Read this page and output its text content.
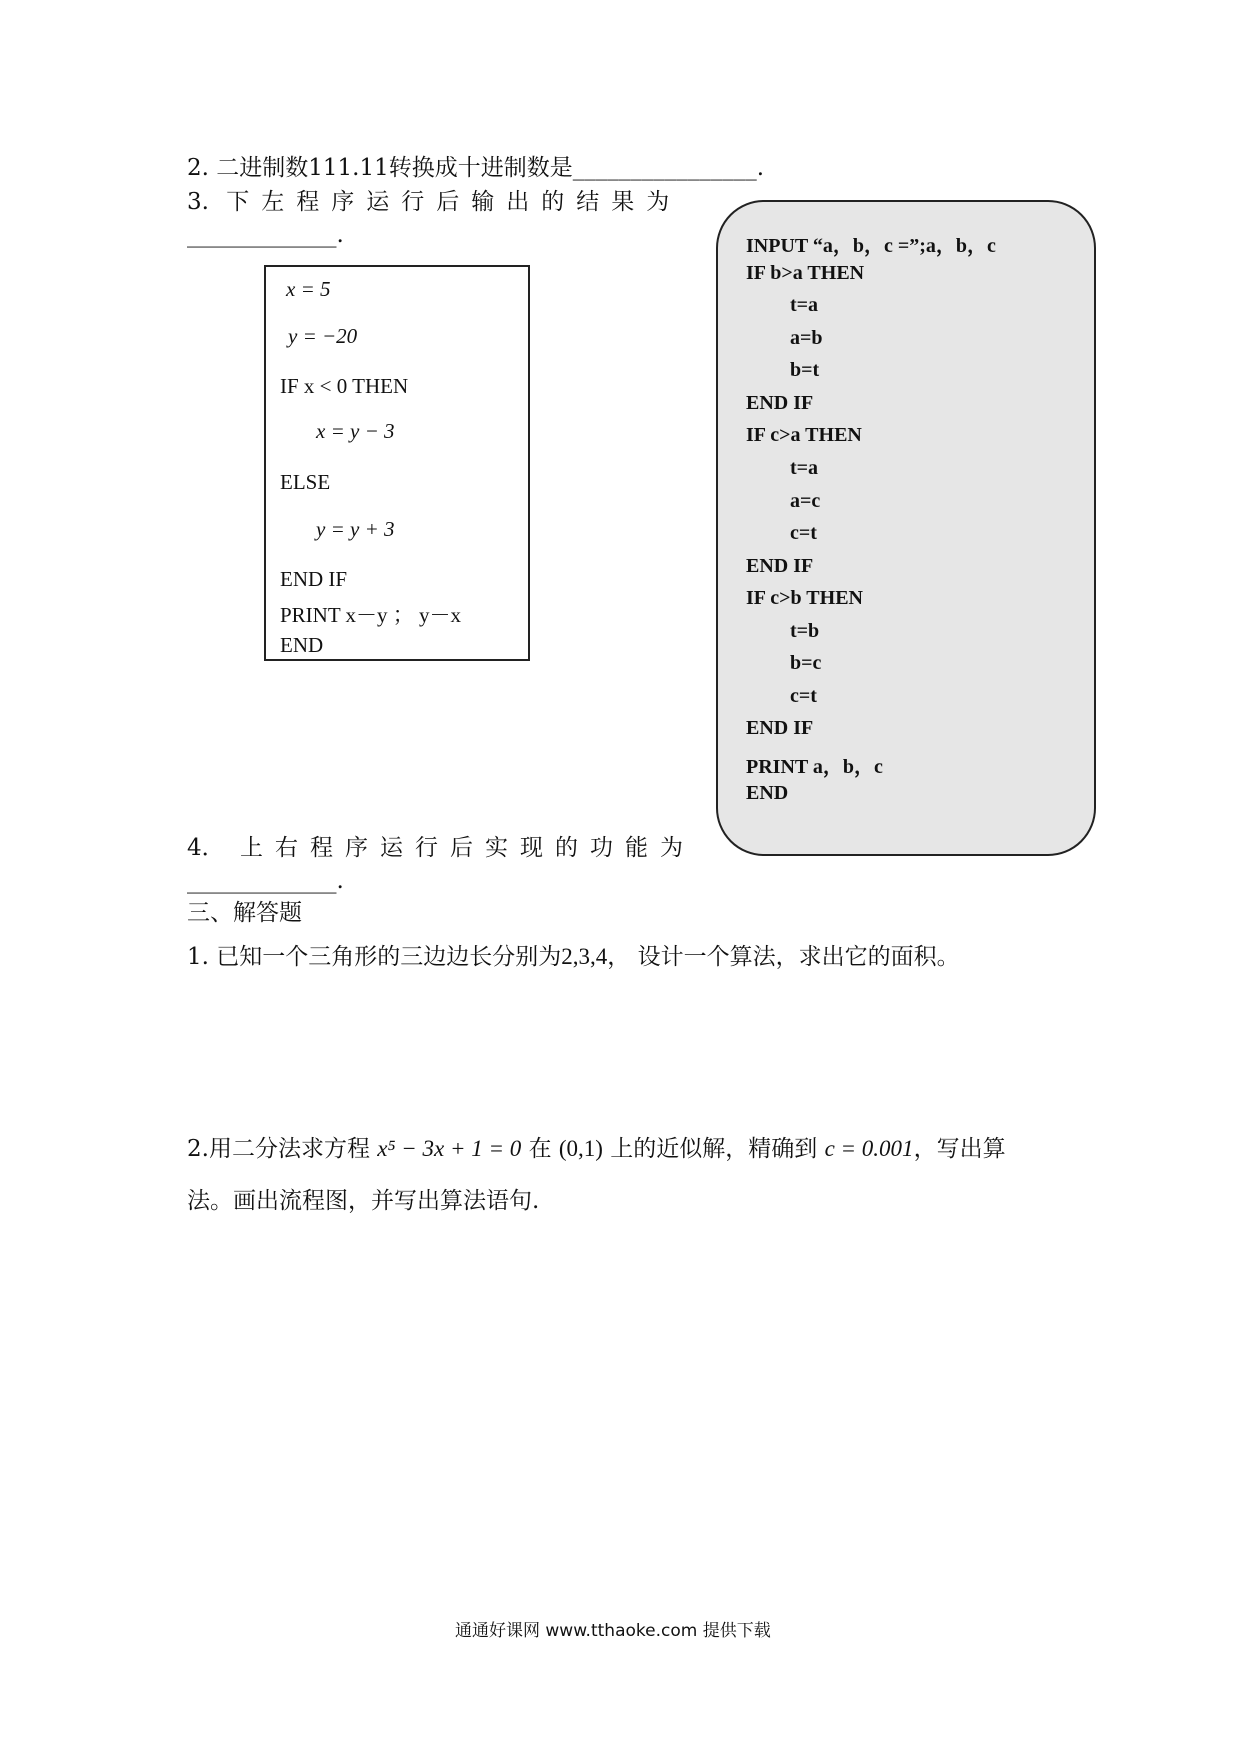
2. 二进制数111.11转换成十进制数是________________.
3. 下左程序运行后输出的结果为
_____________.
x = 5
y = −20
IF x < 0 THEN
x = y − 3
ELSE
y = y + 3
END IF
PRINT x－y ； y－x
END
INPUT “a，b，c =”;a，b，c
IF b>a THEN
t=a
a=b
b=t
END IF
IF c>a THEN
t=a
a=c
c=t
END IF
IF c>b THEN
t=b
b=c
c=t
END IF
PRINT a，b，c
END
4． 上右程序运行后实现的功能为
_____________.
三、解答题
1. 已知一个三角形的三边边长分别为2,3,4， 设计一个算法，求出它的面积。
2.用二分法求方程 x⁵ − 3x + 1 = 0 在 (0,1) 上的近似解，精确到 c = 0.001，写出算
法。画出流程图，并写出算法语句.
通通好课网 www.tthaoke.com 提供下载
